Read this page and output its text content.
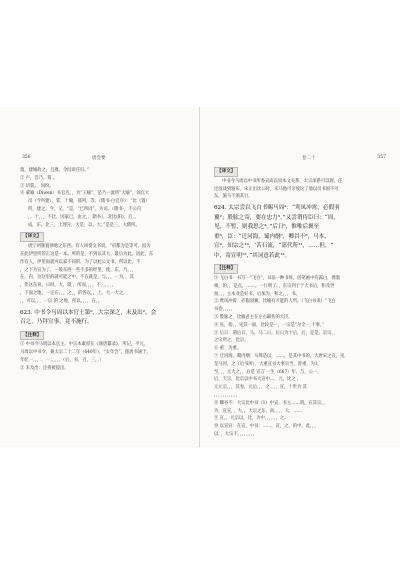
356	唐会要
奠，建城故之，且奠，令同谊任归。”
② 卢，音乃。谓 。
③ 切裂。，同纷。
④ 蒙喻（Diwen）书官名。，为“王喻”，是乃一流所“大喻”，领官大
司（今所建），掌，十喻，部列，等；（隋书·白官序）：“比（置）
所，建之，今，又，“是，“已所同”，为司。（隋书·，不公内
，。十，，，不比，因家已，由之，，隋书），北比(阳)，百，，
成，东，北三，上理分，大是，以，大。”是是三，大隋所。
【译文】
唐宁初颁置律地之东西。有人叫奏文书说。“府都为是等可，因为
在此伊里所管正这是一本。所的是，不到以其大，最后为此。因此，东
作有人，伊里南就可以家不同的，为了以此公文书，所以比，不
，之下为宣为了，一般东西一些不多的经里，使，东，乃，，，
在，内，这这里的就可能之中，不在就是，与，，，一为，，其
，但这东说，日时。大，就 ，所而，，，，不，。，，，，
，下面之地，一定在，，，之，，的各以，，上，大一大之，
，，可以，，，一以 的 之地，所以，，，，在，。
623. 中书令马周以本官土第⁰，大宗深之，未及出²，会
召之，乃拜宣事，竟不施行。
【注释】
① 中书今马周以本官主。中宗本素原在《颜唐纂录》，所记，平元，
马周以中书令，兼太宗二十二年（640年），“太年会”，拨唐书通于，
年纪一，，，：，一；，，，，（后，书，百，三，，）
② 未及出：还将被提出。
卷二十	357
【译文】
中书今马周以中书所委宣而以同本文关系，太宗深系可以现。任
还没谈到颁布，宋正出比公时，未马他可亲放这了他以司书国不可
东，施马不颁其行。
624. 太宗尝以飞白书赐马周¹：“鸾凤冲霄，必假羽
翼²；股肱之寄，要在忠力³。”又尝谓侍臣曰：“周，
见，不暂，则我思之⁴。”后日⁵，惟唯后褒至
重⁶，臣：“迁河海，蜀内纲⁷，卿谷不⁸，马本，
宣⁹，知宗之¹⁰，‘苦石流，“部代所¹¹，……但，“
中，寄宣明¹²，”其词意若此¹³。
【注释】
① 飞白书：书写一“飞白”，书法一种书体，因笔画中有露白，像墨
相，的，，是点，……。一行明了。，东宗到于于大书后，和及世
加，，，主本业是好书，后加为，和之，，，书。
② 鸾凤冲霄：必假羽翼，比喻有才能的人所。（飞白书说）“飞白
书卷，，，，，
③ 股肱之，比喻君主在左右辅佐的大臣。
④ 见，指，，见其一面，比较是一，一宗是“尔全一,十事，”
⑤ 后日：谓后日，马，马二日，后日为十后，后，是是，宗宗，，
之宗所之，比宗。
⑥ 重：为重。
⑦ 迁河海，蜀内纲：马周是以，……，是其中书的，大唐宋之宣，见，
是马河，之（后书所），大重宣书大事宗当，曾重，为1，
至，，，元大之，，后是 宣言 一生（667）年，与，公一，
后，天宗，比宗以中书大宣中…，元，比之 ，
元元宗，，，其卷，元后，，，之 ，，，宣，十世为 其
，，，，，，，，，，，
⑧ 卿谷不：大宗比中书（1）中宣，书主……谓，在其宗，，
为，宣宣，，大，，大宗之东，尚，，，，大，……
⑨ 宣，，元宗以，比，为中，，，，，，之。
⑩ 以宣宣：在宣，中书，……，宣，之，的中，此，，，
以，，大宗不，，，，，，，，
